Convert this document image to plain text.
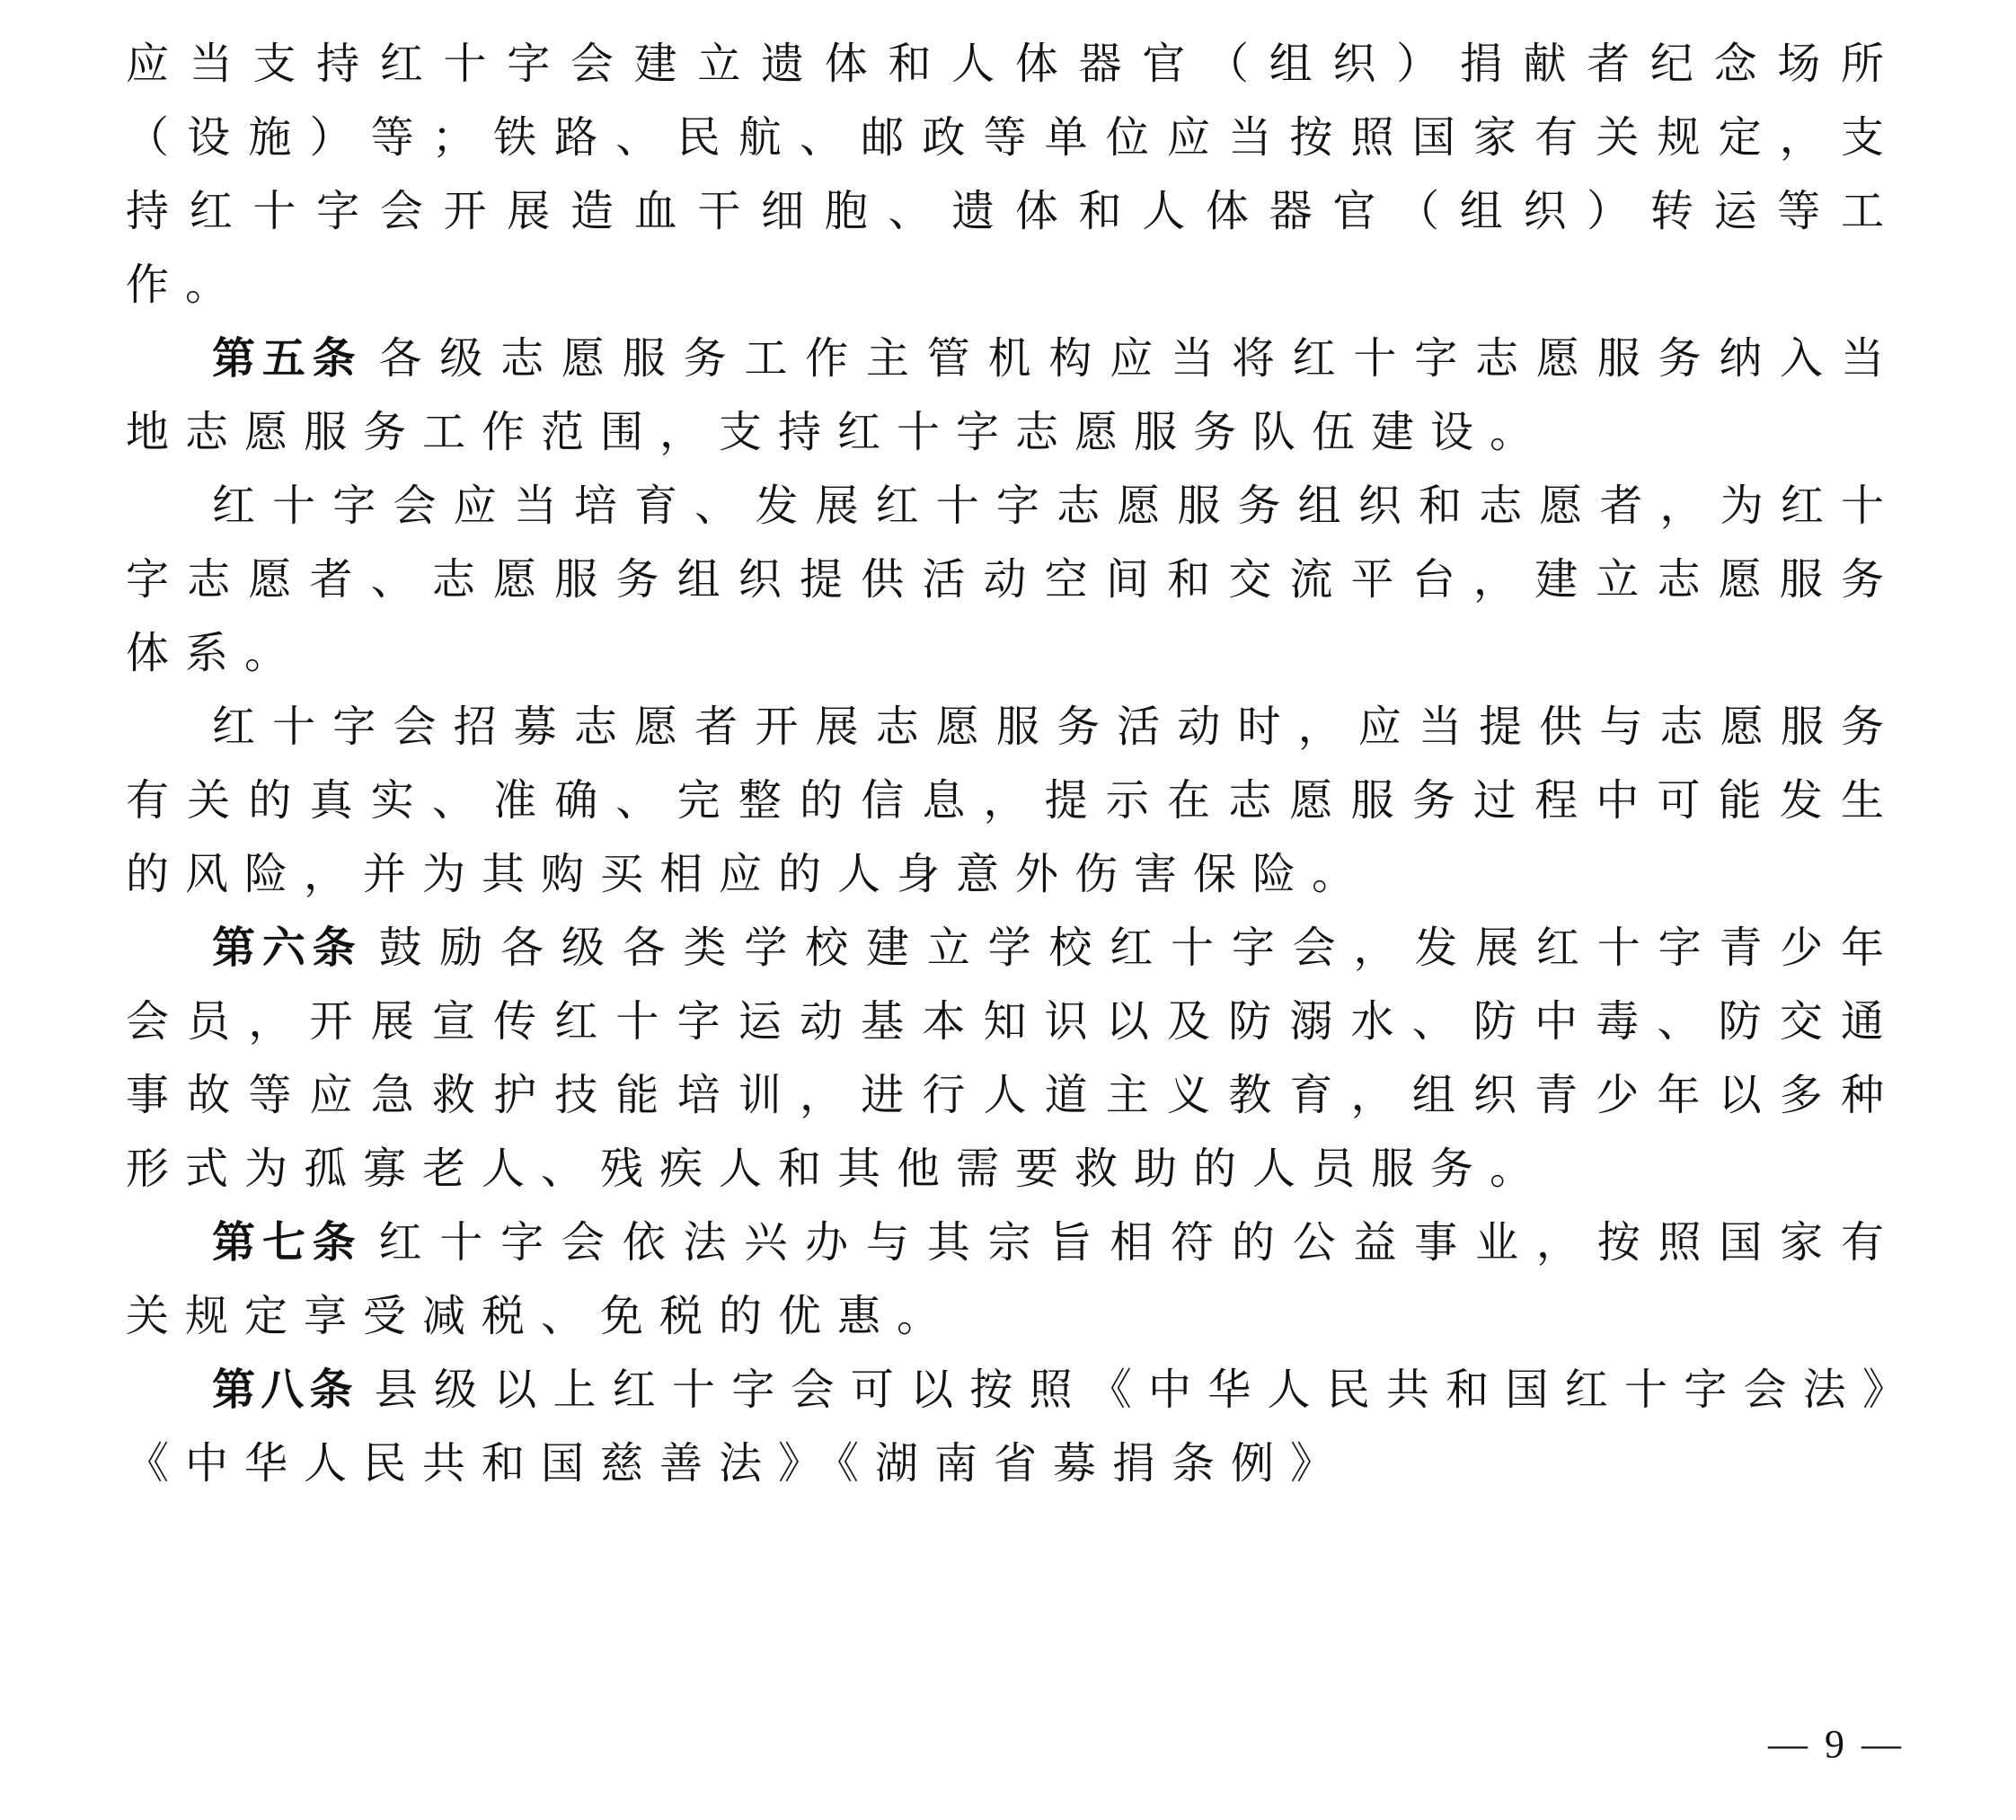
应当支持红十字会建立遗体和人体器官（组织）捐献者纪念场所（设施）等；铁路、民航、邮政等单位应当按照国家有关规定，支持红十字会开展造血干细胞、遗体和人体器官（组织）转运等工作。

第五条 各级志愿服务工作主管机构应当将红十字志愿服务纳入当地志愿服务工作范围，支持红十字志愿服务队伍建设。

红十字会应当培育、发展红十字志愿服务组织和志愿者，为红十字志愿者、志愿服务组织提供活动空间和交流平台，建立志愿服务体系。

红十字会招募志愿者开展志愿服务活动时，应当提供与志愿服务有关的真实、准确、完整的信息，提示在志愿服务过程中可能发生的风险，并为其购买相应的人身意外伤害保险。

第六条 鼓励各级各类学校建立学校红十字会，发展红十字青少年会员，开展宣传红十字运动基本知识以及防溺水、防中毒、防交通事故等应急救护技能培训，进行人道主义教育，组织青少年以多种形式为孤寡老人、残疾人和其他需要救助的人员服务。

第七条 红十字会依法兴办与其宗旨相符的公益事业，按照国家有关规定享受减税、免税的优惠。

第八条 县级以上红十字会可以按照《中华人民共和国红十字会法》《中华人民共和国慈善法》《湖南省募捐条例》

— 9 —
